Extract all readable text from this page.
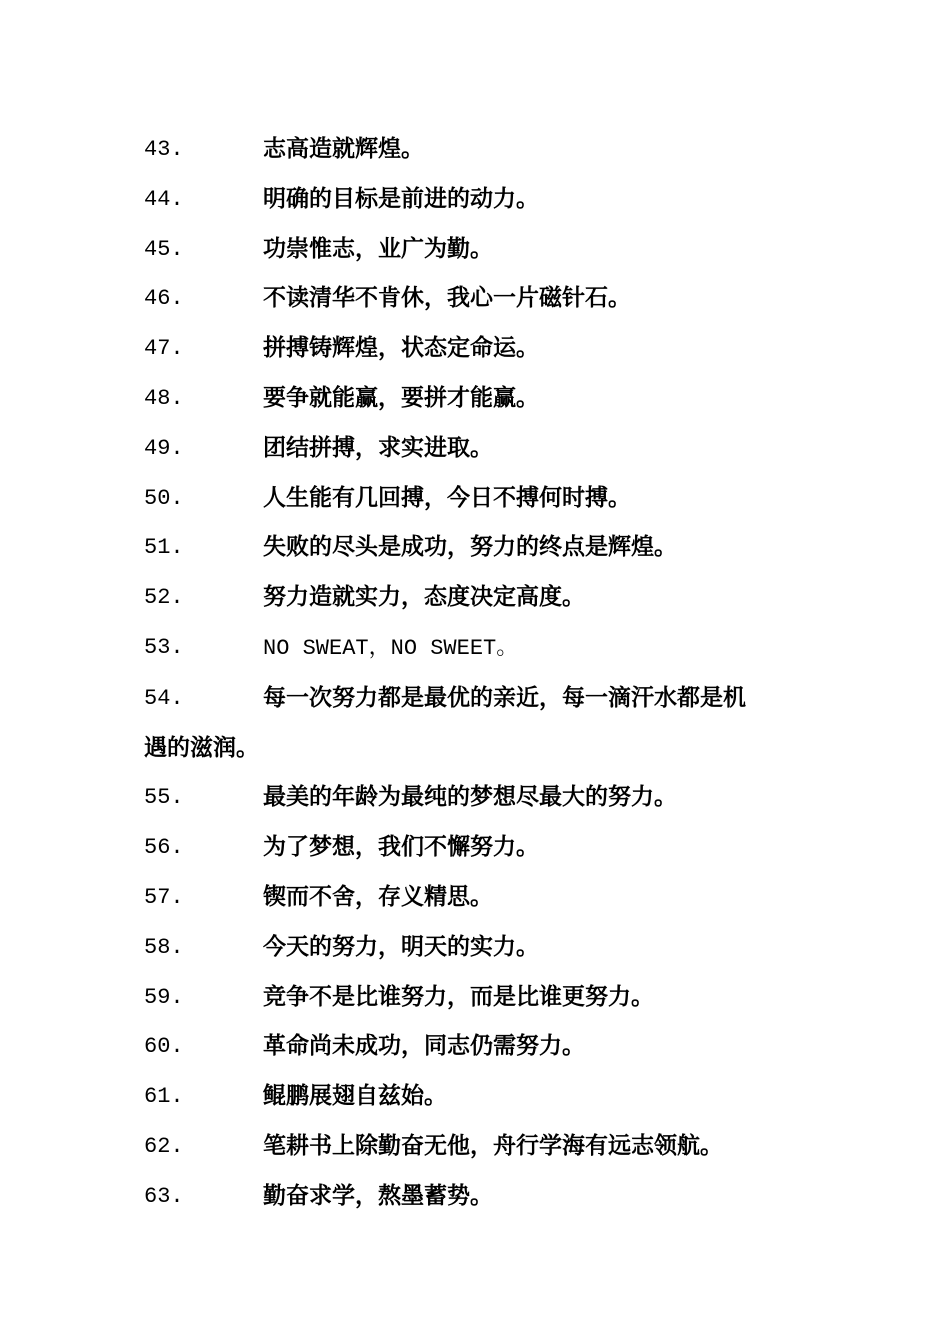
43.	志高造就辉煌。
44.	明确的目标是前进的动力。
45.	功崇惟志，业广为勤。
46.	不读清华不肯休，我心一片磁针石。
47.	拼搏铸辉煌，状态定命运。
48.	要争就能赢，要拼才能赢。
49.	团结拼搏，求实进取。
50.	人生能有几回搏，今日不搏何时搏。
51.	失败的尽头是成功，努力的终点是辉煌。
52.	努力造就实力，态度决定高度。
53.	NO SWEAT，NO SWEET。
54.	每一次努力都是最优的亲近，每一滴汗水都是机
遇的滋润。
55.	最美的年龄为最纯的梦想尽最大的努力。
56.	为了梦想，我们不懈努力。
57.	锲而不舍，存义精思。
58.	今天的努力，明天的实力。
59.	竞争不是比谁努力，而是比谁更努力。
60.	革命尚未成功，同志仍需努力。
61.	鲲鹏展翅自兹始。
62.	笔耕书上除勤奋无他，舟行学海有远志领航。
63.	勤奋求学，熬墨蓄势。
